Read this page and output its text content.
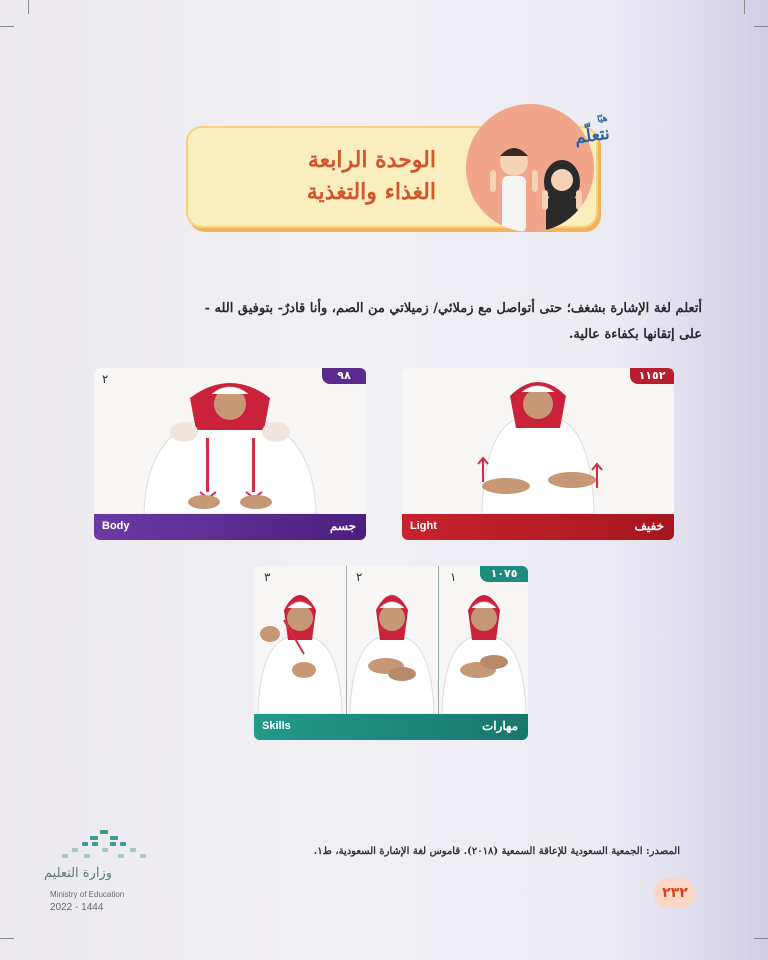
الوحدة الرابعة
الغذاء والتغذية
هيّا
نتعلّم
أتعلم لغة الإشارة بشغف؛ حتى أتواصل مع زملائي/ زميلاتي من الصم، وأنا قادرٌ- بتوفيق الله -
على إتقانها بكفاءة عالية.
٩٨
٢
Body	جسم
١١٥٢
Light	خفيف
٣	٢	١	١٠٧٥
Skills	مهارات
وزارة التعليم
Ministry of Education
2022 - 1444
المصدر: الجمعية السعودية للإعاقة السمعية (٢٠١٨). قاموس لغة الإشارة السعودية، ط١.
٢٣٢
